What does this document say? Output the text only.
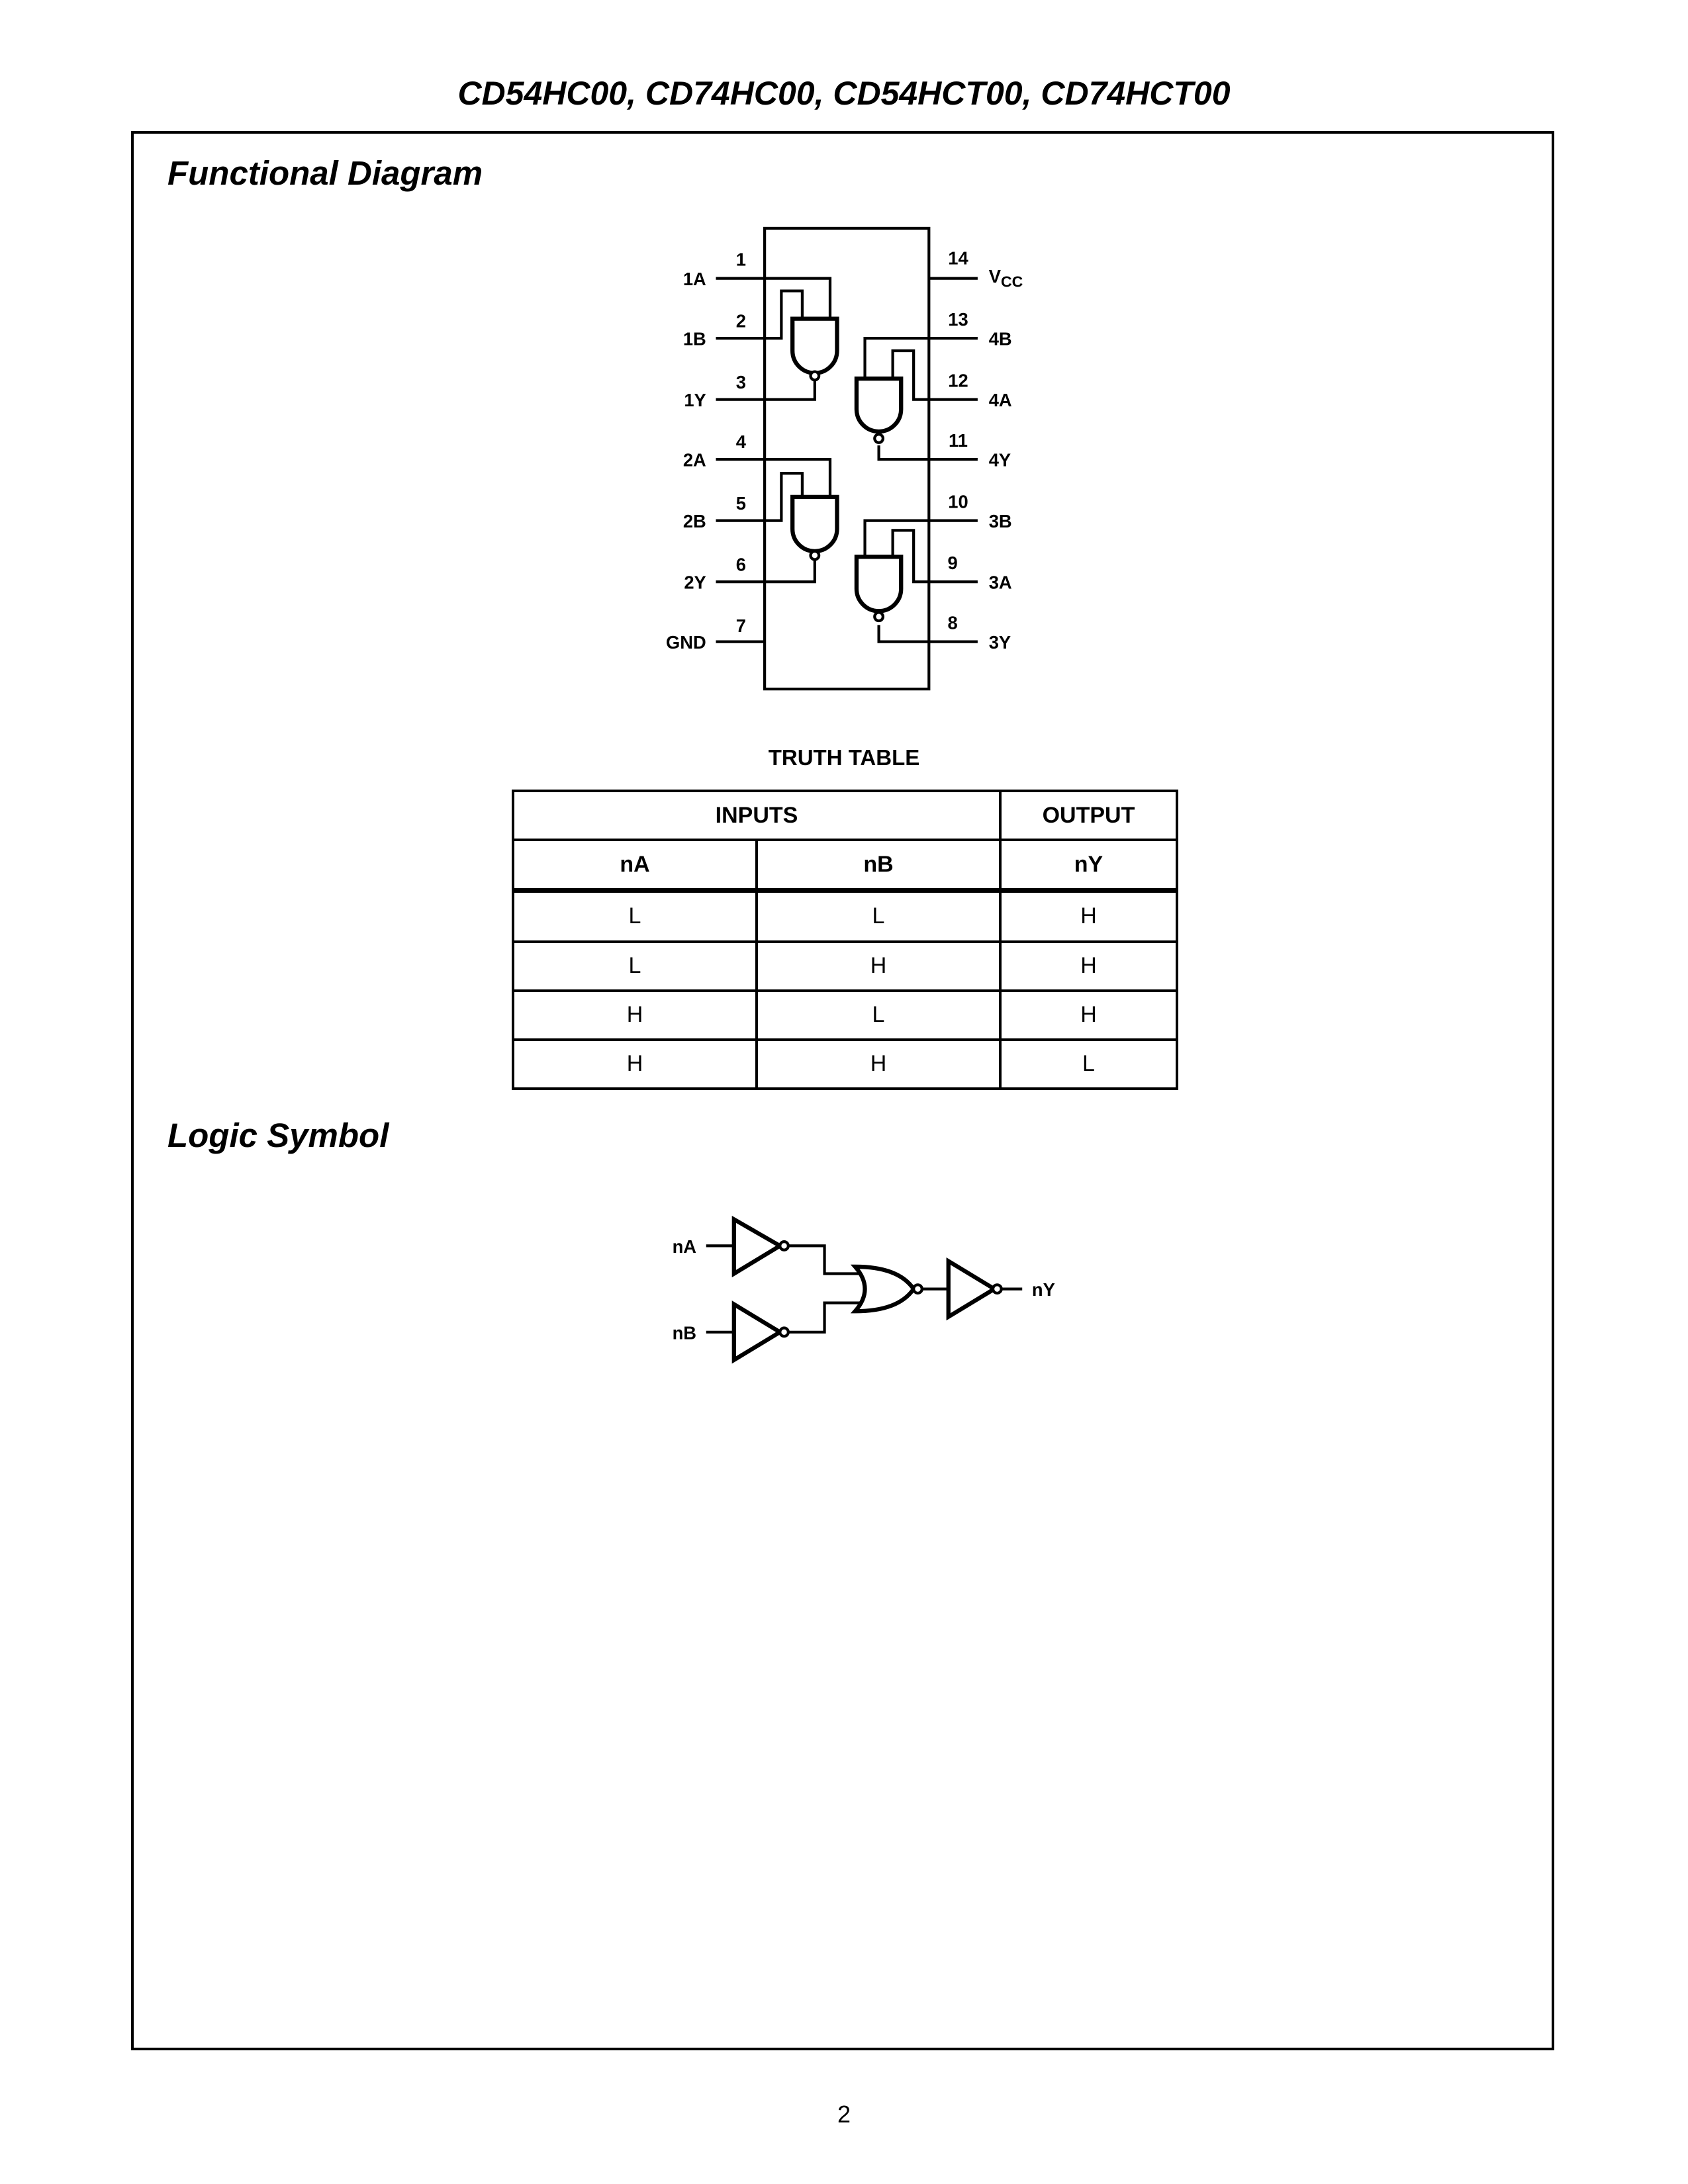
CD54HC00, CD74HC00, CD54HCT00, CD74HCT00
Functional Diagram
1A
1B
1Y
2A
2B
2Y
GND
1
2
3
4
5
6
7
$V_{CC}$
4B
4A
4Y
3B
3A
3Y
14
13
12
11
10
9
8
TRUTH TABLE
INPUTS		OUTPUT
nA	nB	nY
L	L	H
L	H	H
H	L	H
H	H	L
Logic Symbol
nA
nB
nY
2
